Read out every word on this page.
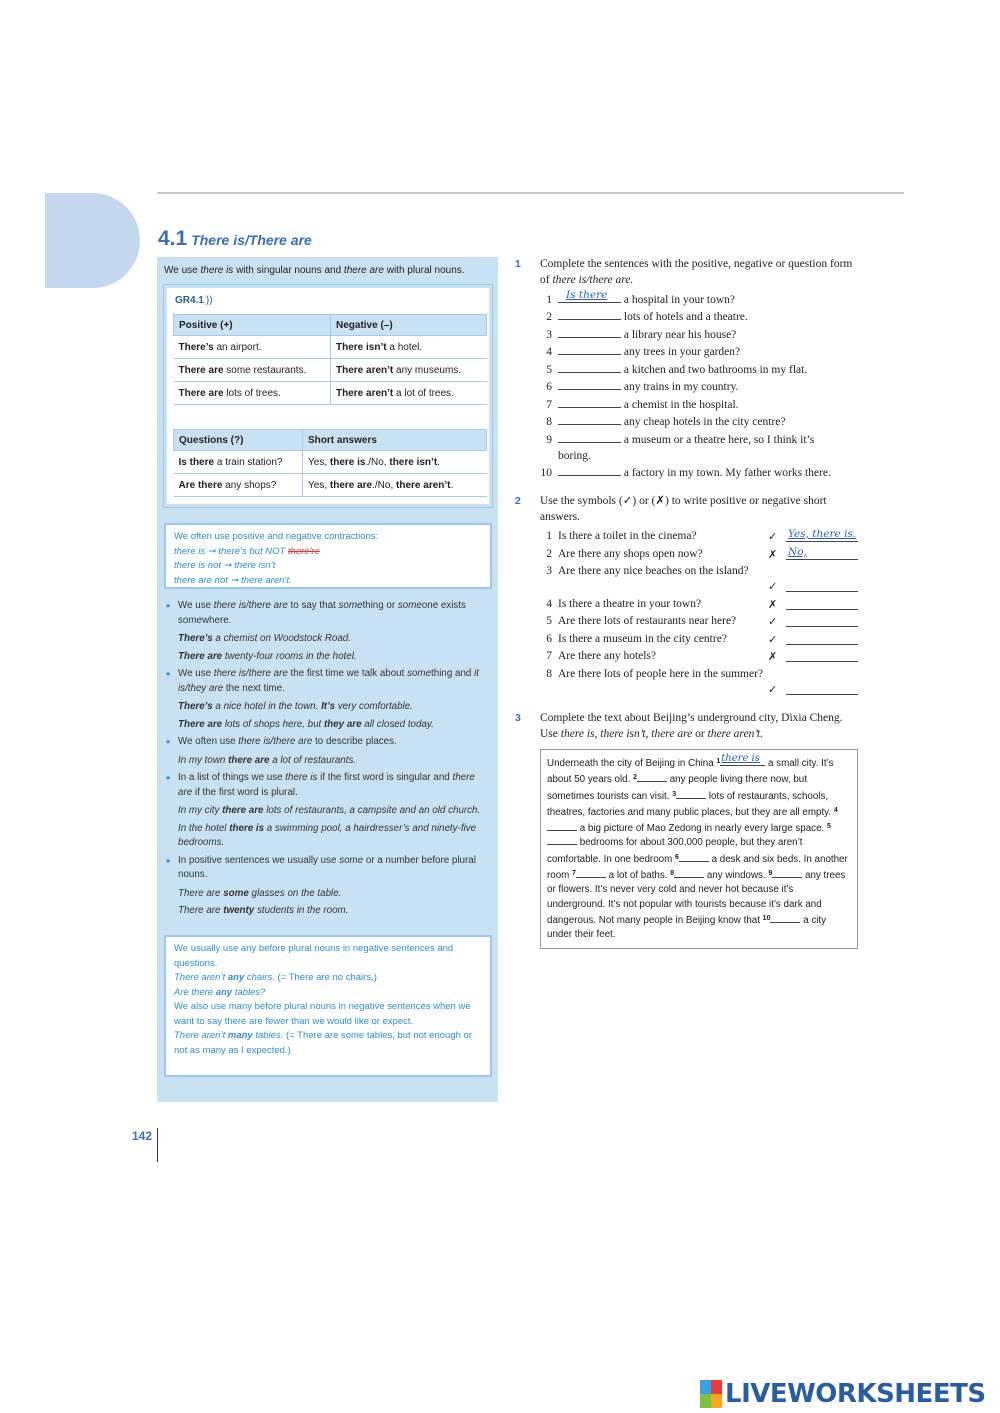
4.1 There is/There are
We use there is with singular nouns and there are with plural nouns.
GR4.1 ))
Positive (+)	Negative (–)
There’s an airport.	There isn’t a hotel.
There are some restaurants.	There aren’t any museums.
There are lots of trees.	There aren’t a lot of trees.
Questions (?)	Short answers
Is there a train station?	Yes, there is./No, there isn’t.
Are there any shops?	Yes, there are./No, there aren’t.
We often use positive and negative contractions:
there is ➞ there’s but NOT there're
there is not ➞ there isn’t
there are not ➞ there aren’t.
• We use there is/there are to say that something or someone exists somewhere.
There’s a chemist on Woodstock Road.
There are twenty-four rooms in the hotel.
• We use there is/there are the first time we talk about something and it is/they are the next time.
There’s a nice hotel in the town. It’s very comfortable.
There are lots of shops here, but they are all closed today.
• We often use there is/there are to describe places.
In my town there are a lot of restaurants.
• In a list of things we use there is if the first word is singular and there are if the first word is plural.
In my city there are lots of restaurants, a campsite and an old church.
In the hotel there is a swimming pool, a hairdresser’s and ninety-five bedrooms.
• In positive sentences we usually use some or a number before plural nouns.
There are some glasses on the table.
There are twenty students in the room.
We usually use any before plural nouns in negative sentences and questions.
There aren’t any chairs. (= There are no chairs.)
Are there any tables?
We also use many before plural nouns in negative sentences when we want to say there are fewer than we would like or expect.
There aren’t many tables. (= There are some tables, but not enough or not as many as I expected.)
142
1 Complete the sentences with the positive, negative or question form of there is/there are.
1 Is there a hospital in your town?
2	lots of hotels and a theatre.
3	a library near his house?
4	any trees in your garden?
5	a kitchen and two bathrooms in my flat.
6	any trains in my country.
7	a chemist in the hospital.
8	any cheap hotels in the city centre?
9	a museum or a theatre here, so I think it’s
boring.
10	a factory in my town. My father works there.
2 Use the symbols (✓) or (✗) to write positive or negative short answers.
1 Is there a toilet in the cinema?	✓	Yes, there is.
2 Are there any shops open now?	✗	No,
3 Are there any nice beaches on the island?
✓
4 Is there a theatre in your town?	✗
5 Are there lots of restaurants near here?	✓
6 Is there a museum in the city centre?	✓
7 Are there any hotels?	✗
8 Are there lots of people here in the summer?
✓
3 Complete the text about Beijing’s underground city, Dixia Cheng. Use there is, there isn’t, there are or there aren’t.
Underneath the city of Beijing in China $^1$ there is a small city. It’s about 50 years old. $^2$	any people living there now, but sometimes tourists can visit. $^3$	lots of restaurants, schools, theatres, factories and many public places, but they are all empty. $^4$ a big picture of Mao Zedong in nearly every large space. $^5$ bedrooms for about 300,000 people, but they aren’t comfortable. In one bedroom $^6$	a desk and six beds. In another room $^7$	a lot of baths. $^8$	any windows. $^9$	any trees or flowers. It’s never very cold and never hot because it’s underground. It’s not popular with tourists because it’s dark and dangerous. Not many people in Beijing know that $^{10}$	a city under their feet.
LIVEWORKSHEETS
